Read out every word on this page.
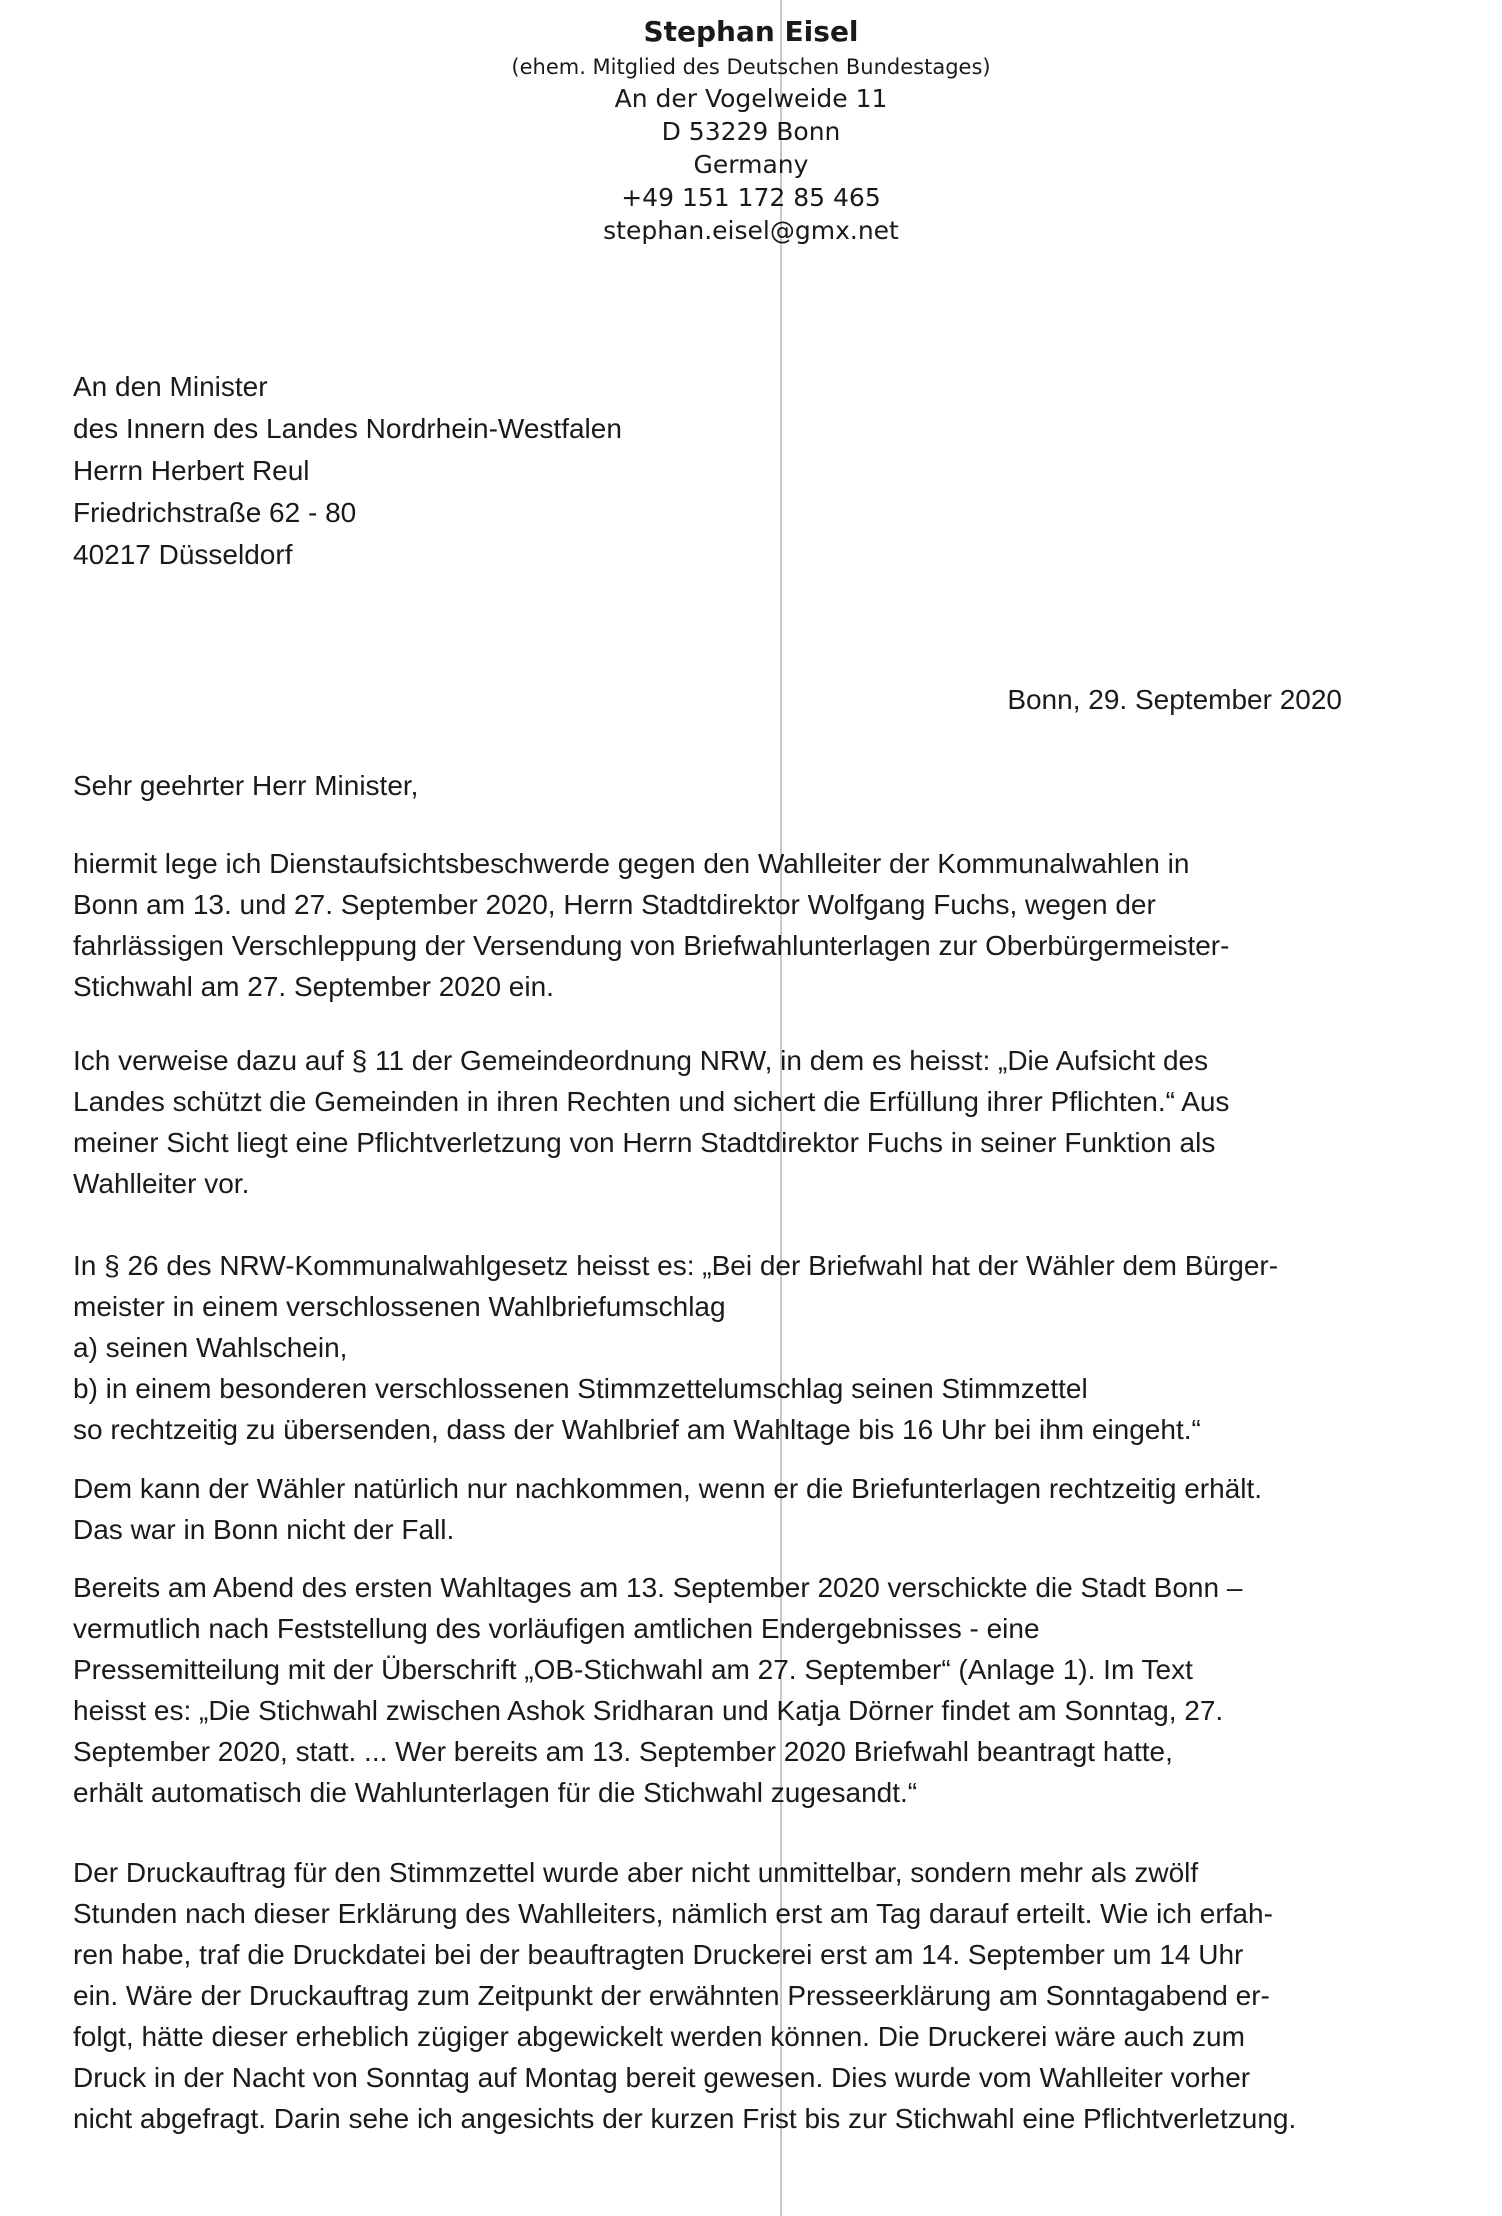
Stephan Eisel
(ehem. Mitglied des Deutschen Bundestages)
An der Vogelweide 11
D 53229 Bonn
Germany
+49 151 172 85 465
stephan.eisel@gmx.net
An den Minister
des Innern des Landes Nordrhein-Westfalen
Herrn Herbert Reul
Friedrichstraße 62 - 80
40217 Düsseldorf
Bonn, 29. September 2020
Sehr geehrter Herr Minister,

hiermit lege ich Dienstaufsichtsbeschwerde gegen den Wahlleiter der Kommunalwahlen in
Bonn am 13. und 27. September 2020, Herrn Stadtdirektor Wolfgang Fuchs, wegen der
fahrlässigen Verschleppung der Versendung von Briefwahlunterlagen zur Oberbürgermeister-
Stichwahl am 27. September 2020 ein.

Ich verweise dazu auf § 11 der Gemeindeordnung NRW, in dem es heisst: „Die Aufsicht des
Landes schützt die Gemeinden in ihren Rechten und sichert die Erfüllung ihrer Pflichten.“ Aus
meiner Sicht liegt eine Pflichtverletzung von Herrn Stadtdirektor Fuchs in seiner Funktion als
Wahlleiter vor.

In § 26 des NRW-Kommunalwahlgesetz heisst es: „Bei der Briefwahl hat der Wähler dem Bürger-
meister in einem verschlossenen Wahlbriefumschlag
a) seinen Wahlschein,
b) in einem besonderen verschlossenen Stimmzettelumschlag seinen Stimmzettel
so rechtzeitig zu übersenden, dass der Wahlbrief am Wahltage bis 16 Uhr bei ihm eingeht.“

Dem kann der Wähler natürlich nur nachkommen, wenn er die Briefunterlagen rechtzeitig erhält.
Das war in Bonn nicht der Fall.

Bereits am Abend des ersten Wahltages am 13. September 2020 verschickte die Stadt Bonn –
vermutlich nach Feststellung des vorläufigen amtlichen Endergebnisses - eine
Pressemitteilung mit der Überschrift „OB-Stichwahl am 27. September“ (Anlage 1). Im Text
heisst es: „Die Stichwahl zwischen Ashok Sridharan und Katja Dörner findet am Sonntag, 27.
September 2020, statt. ... Wer bereits am 13. September 2020 Briefwahl beantragt hatte,
erhält automatisch die Wahlunterlagen für die Stichwahl zugesandt.“

Der Druckauftrag für den Stimmzettel wurde aber nicht unmittelbar, sondern mehr als zwölf
Stunden nach dieser Erklärung des Wahlleiters, nämlich erst am Tag darauf erteilt. Wie ich erfah-
ren habe, traf die Druckdatei bei der beauftragten Druckerei erst am 14. September um 14 Uhr
ein. Wäre der Druckauftrag zum Zeitpunkt der erwähnten Presseerklärung am Sonntagabend er-
folgt, hätte dieser erheblich zügiger abgewickelt werden können. Die Druckerei wäre auch zum
Druck in der Nacht von Sonntag auf Montag bereit gewesen. Dies wurde vom Wahlleiter vorher
nicht abgefragt. Darin sehe ich angesichts der kurzen Frist bis zur Stichwahl eine Pflichtverletzung.
